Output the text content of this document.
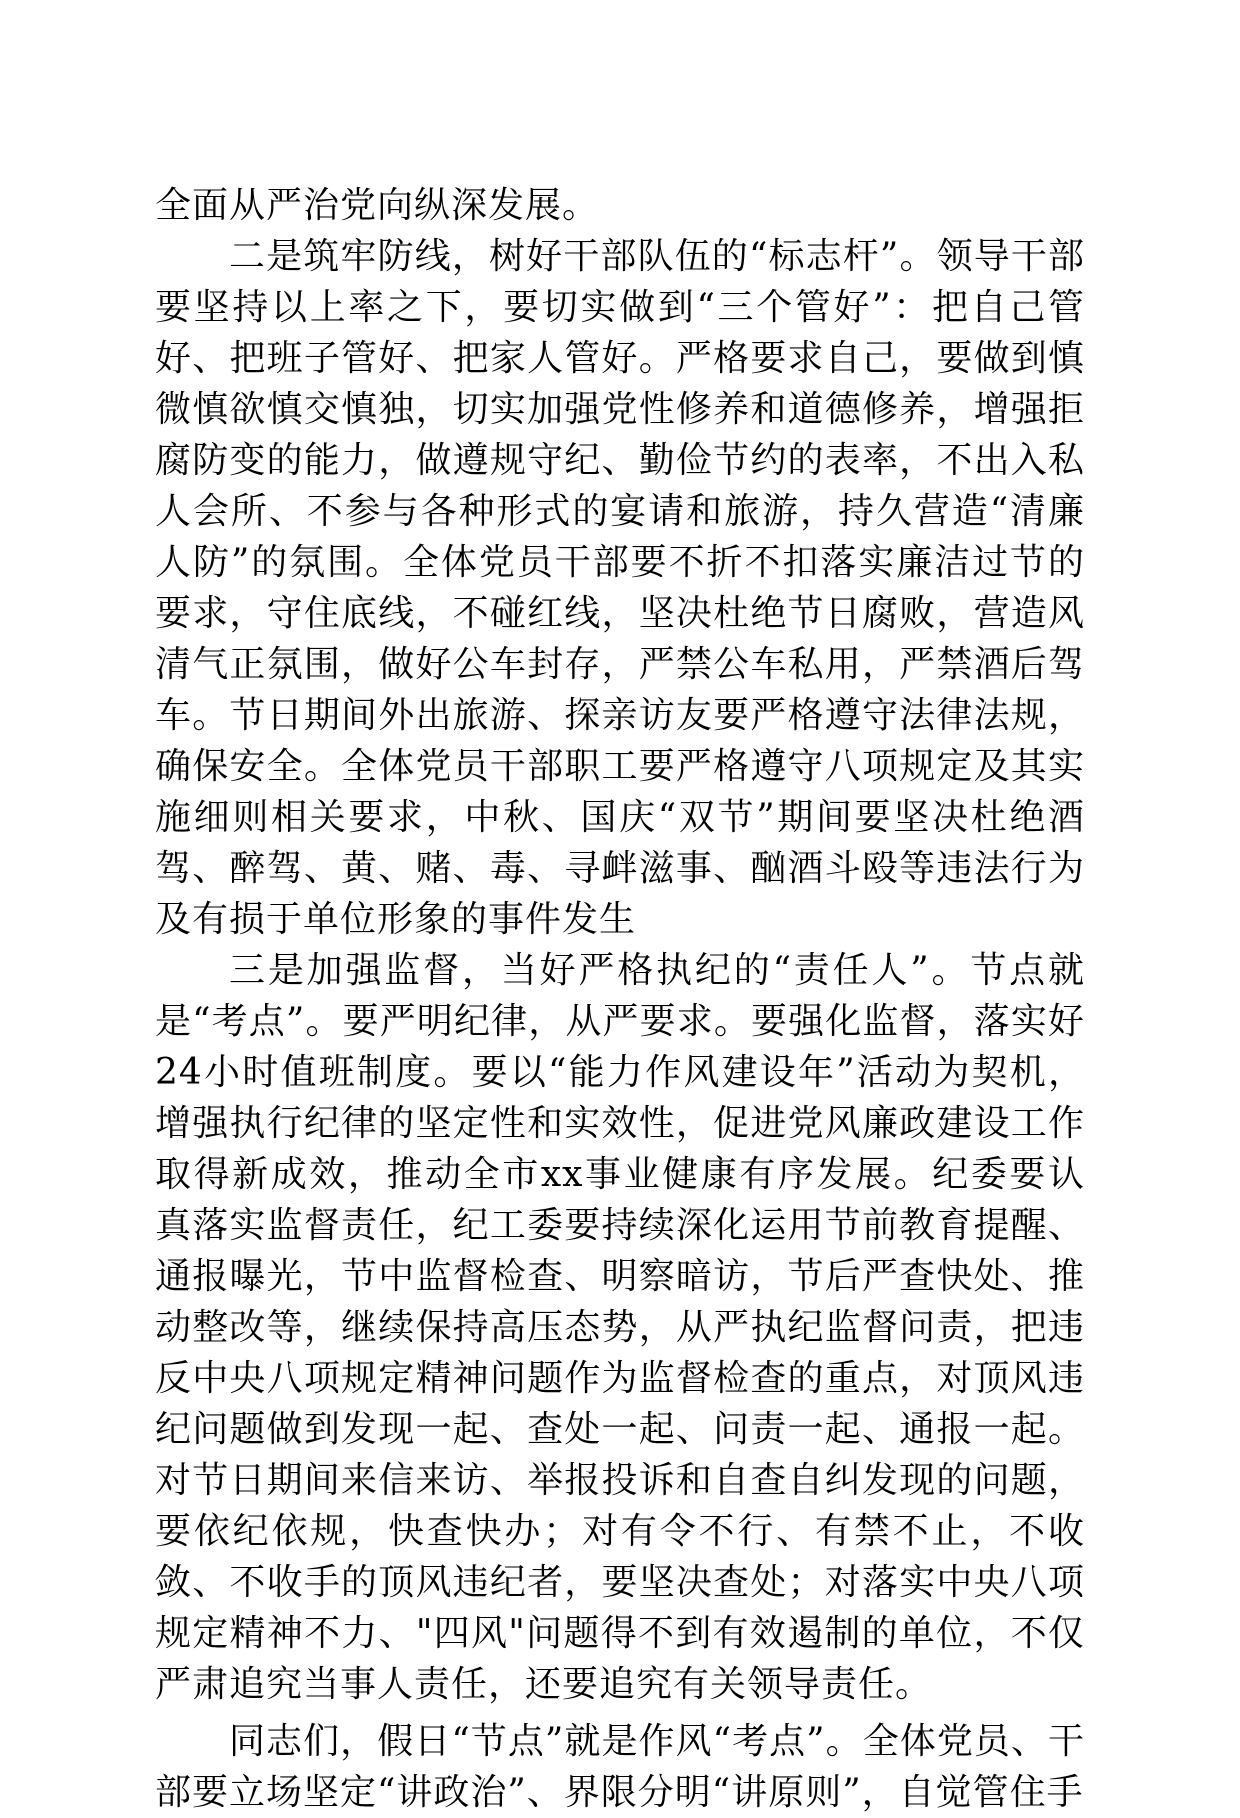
全面从严治党向纵深发展。

二是筑牢防线，树好干部队伍的“标志杆”。领导干部要坚持以上率之下，要切实做到“三个管好”：把自己管好、把班子管好、把家人管好。严格要求自己，要做到慎微慎欲慎交慎独，切实加强党性修养和道德修养，增强拒腐防变的能力，做遵规守纪、勤俭节约的表率，不出入私人会所、不参与各种形式的宴请和旅游，持久营造“清廉人防”的氛围。全体党员干部要不折不扣落实廉洁过节的要求，守住底线，不碰红线，坚决杜绝节日腐败，营造风清气正氛围，做好公车封存，严禁公车私用，严禁酒后驾车。节日期间外出旅游、探亲访友要严格遵守法律法规，确保安全。全体党员干部职工要严格遵守八项规定及其实施细则相关要求，中秋、国庆“双节”期间要坚决杜绝酒驾、醉驾、黄、赌、毒、寻衅滋事、酗酒斗殴等违法行为及有损于单位形象的事件发生

三是加强监督，当好严格执纪的“责任人”。节点就是“考点”。要严明纪律，从严要求。要强化监督，落实好24小时值班制度。要以“能力作风建设年”活动为契机，增强执行纪律的坚定性和实效性，促进党风廉政建设工作取得新成效，推动全市xx事业健康有序发展。纪委要认真落实监督责任，纪工委要持续深化运用节前教育提醒、通报曝光，节中监督检查、明察暗访，节后严查快处、推动整改等，继续保持高压态势，从严执纪监督问责，把违反中央八项规定精神问题作为监督检查的重点，对顶风违纪问题做到发现一起、查处一起、问责一起、通报一起。对节日期间来信来访、举报投诉和自查自纠发现的问题，要依纪依规，快查快办；对有令不行、有禁不止，不收敛、不收手的顶风违纪者，要坚决查处；对落实中央八项规定精神不力、"四风"问题得不到有效遏制的单位，不仅严肃追究当事人责任，还要追究有关领导责任。

同志们，假日“节点”就是作风“考点”。全体党员、干部要立场坚定“讲政治”、界限分明“讲原则”，自觉管住手
